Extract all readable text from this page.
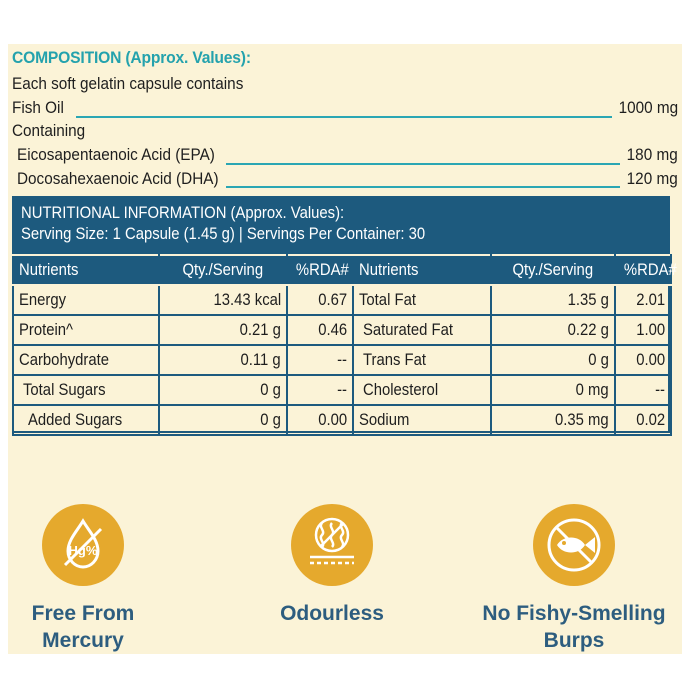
COMPOSITION (Approx. Values):
Each soft gelatin capsule contains
Fish Oil	1000 mg
Containing
Eicosapentaenoic Acid (EPA)	180 mg
Docosahexaenoic Acid (DHA)	120 mg
NUTRITIONAL INFORMATION (Approx. Values):
Serving Size: 1 Capsule (1.45 g) | Servings Per Container: 30
Nutrients	Qty./Serving	%RDA#
Energy	13.43 kcal	0.67
Protein^	0.21 g	0.46
Carbohydrate	0.11 g	--
Total Sugars	0 g	--
Added Sugars	0 g	0.00
Nutrients	Qty./Serving	%RDA#
Total Fat	1.35 g	2.01
Saturated Fat	0.22 g	1.00
Trans Fat	0 g	0.00
Cholesterol	0 mg	--
Sodium	0.35 mg	0.02
Hg%
Free From
Mercury
Odourless	No Fishy-Smelling
Burps
